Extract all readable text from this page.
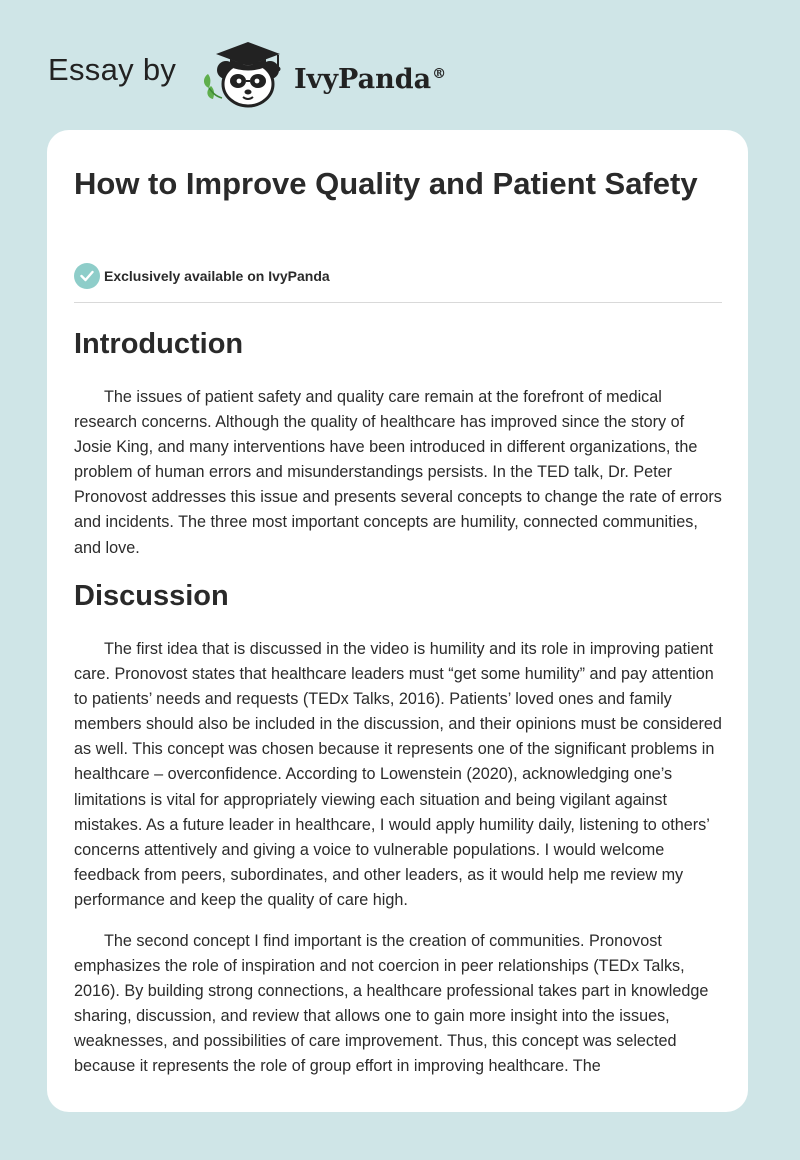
Essay by	IvyPanda®
How to Improve Quality and Patient Safety
Exclusively available on IvyPanda
Introduction

The issues of patient safety and quality care remain at the forefront of medical research concerns. Although the quality of healthcare has improved since the story of Josie King, and many interventions have been introduced in different organizations, the problem of human errors and misunderstandings persists. In the TED talk, Dr. Peter Pronovost addresses this issue and presents several concepts to change the rate of errors and incidents. The three most important concepts are humility, connected communities, and love.

Discussion

The first idea that is discussed in the video is humility and its role in improving patient care. Pronovost states that healthcare leaders must “get some humility” and pay attention to patients’ needs and requests (TEDx Talks, 2016). Patients’ loved ones and family members should also be included in the discussion, and their opinions must be considered as well. This concept was chosen because it represents one of the significant problems in healthcare – overconfidence. According to Lowenstein (2020), acknowledging one’s limitations is vital for appropriately viewing each situation and being vigilant against mistakes. As a future leader in healthcare, I would apply humility daily, listening to others’ concerns attentively and giving a voice to vulnerable populations. I would welcome feedback from peers, subordinates, and other leaders, as it would help me review my performance and keep the quality of care high.

The second concept I find important is the creation of communities. Pronovost emphasizes the role of inspiration and not coercion in peer relationships (TEDx Talks, 2016). By building strong connections, a healthcare professional takes part in knowledge sharing, discussion, and review that allows one to gain more insight into the issues, weaknesses, and possibilities of care improvement. Thus, this concept was selected because it represents the role of group effort in improving healthcare. The
